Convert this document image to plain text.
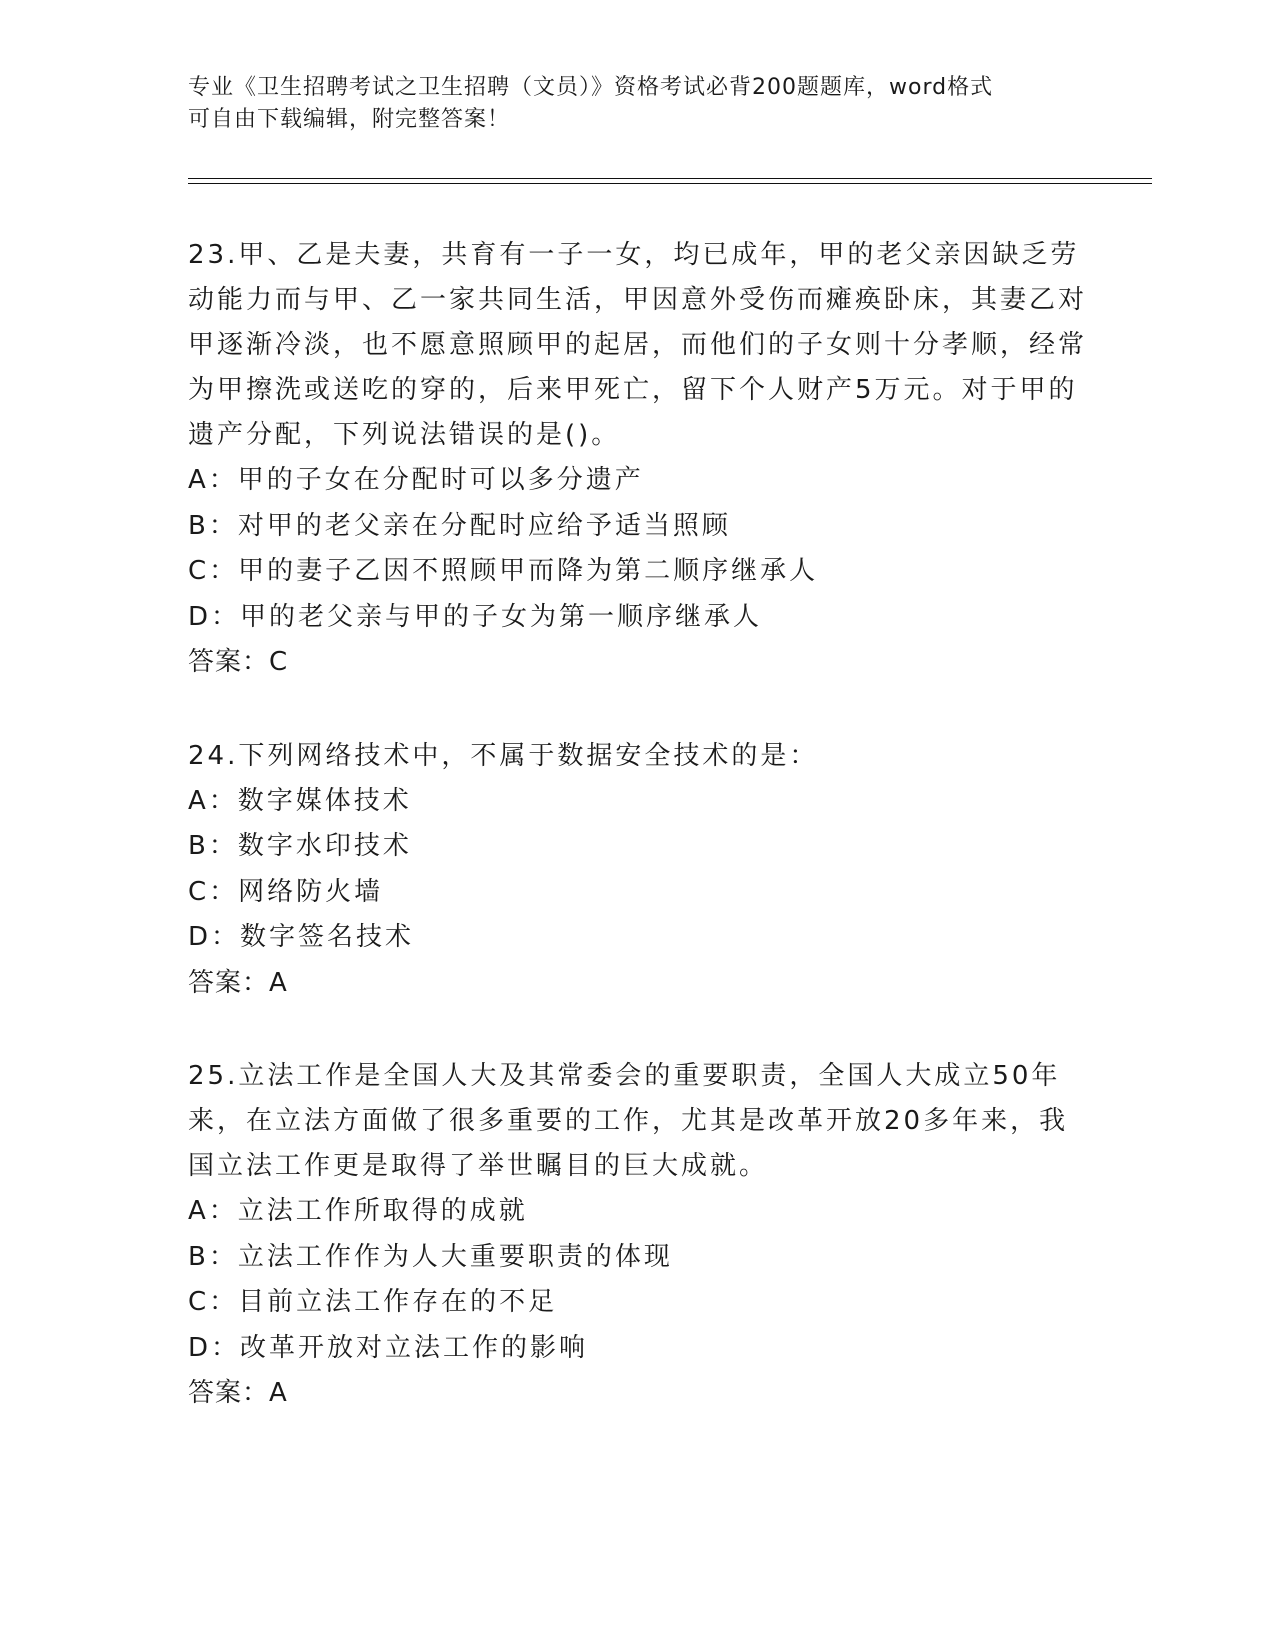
专业《卫生招聘考试之卫生招聘（文员）》资格考试必背200题题库，word格式
可自由下载编辑，附完整答案！

23.甲、乙是夫妻，共育有一子一女，均已成年，甲的老父亲因缺乏劳动能力而与甲、乙一家共同生活，甲因意外受伤而瘫痪卧床，其妻乙对甲逐渐冷淡，也不愿意照顾甲的起居，而他们的子女则十分孝顺，经常为甲擦洗或送吃的穿的，后来甲死亡，留下个人财产5万元。对于甲的遗产分配，下列说法错误的是()。

A：甲的子女在分配时可以多分遗产

B：对甲的老父亲在分配时应给予适当照顾

C：甲的妻子乙因不照顾甲而降为第二顺序继承人

D：甲的老父亲与甲的子女为第一顺序继承人

答案：C

24.下列网络技术中，不属于数据安全技术的是：

A：数字媒体技术

B：数字水印技术

C：网络防火墙

D：数字签名技术

答案：A

25.立法工作是全国人大及其常委会的重要职责，全国人大成立50年来，在立法方面做了很多重要的工作，尤其是改革开放20多年来，我国立法工作更是取得了举世瞩目的巨大成就。

A：立法工作所取得的成就

B：立法工作作为人大重要职责的体现

C：目前立法工作存在的不足

D：改革开放对立法工作的影响

答案：A
